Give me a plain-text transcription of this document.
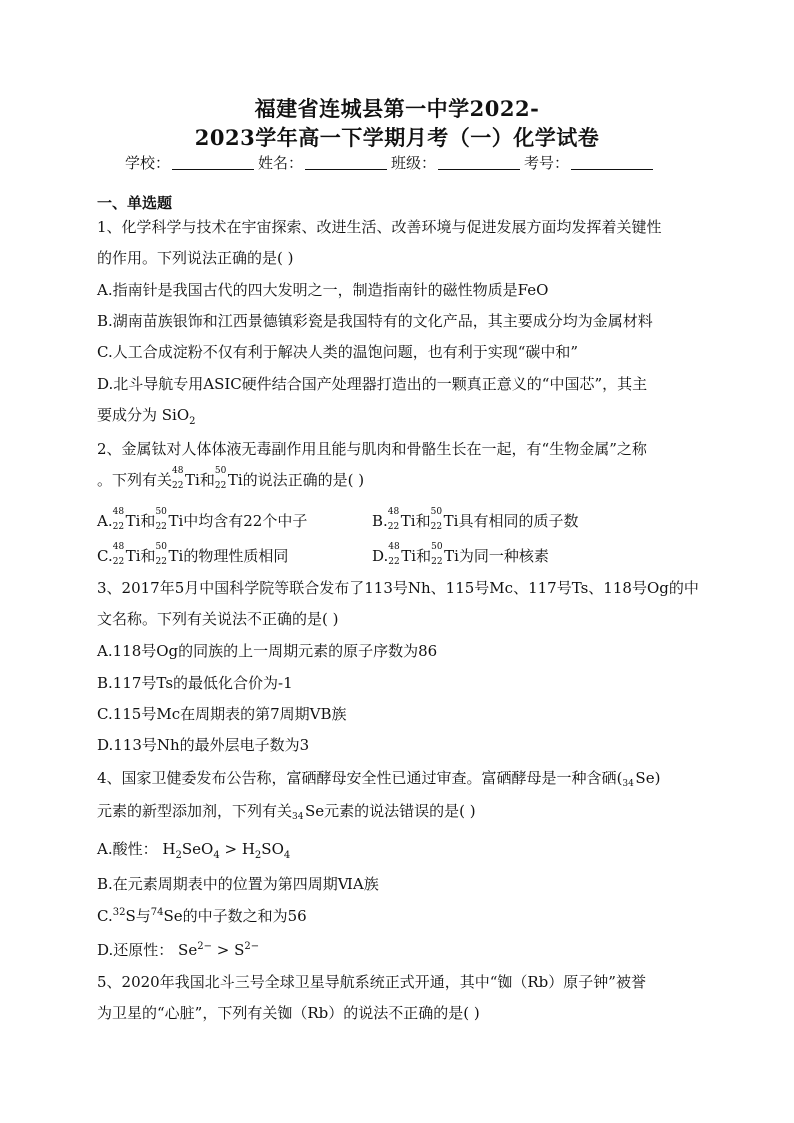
福建省连城县第一中学2022-
2023学年高一下学期月考（一）化学试卷
学校：	姓名：	班级：	考号：
一、单选题
1、化学科学与技术在宇宙探索、改进生活、改善环境与促进发展方面均发挥着关键性
的作用。下列说法正确的是( )
A.指南针是我国古代的四大发明之一，制造指南针的磁性物质是FeO
B.湖南苗族银饰和江西景德镇彩瓷是我国特有的文化产品，其主要成分均为金属材料
C.人工合成淀粉不仅有利于解决人类的温饱问题，也有利于实现“碳中和”
D.北斗导航专用ASIC硬件结合国产处理器打造出的一颗真正意义的“中国芯”，其主
要成分为 SiO$_2$
2、金属钛对人体体液无毒副作用且能与肌肉和骨骼生长在一起，有“生物金属”之称
。下列有关 48
22 Ti和 50
22 Ti的说法正确的是( )
A. 48
22 Ti和 50
22 Ti中均含有22个中子	B. 48
22 Ti和 50
22 Ti具有相同的质子数
C. 48
22 Ti和 50
22 Ti的物理性质相同	D. 48
22 Ti和 50
22 Ti为同一种核素
3、2017年5月中国科学院等联合发布了113号Nh、115号Mc、117号Ts、118号Og的中
文名称。下列有关说法不正确的是( )
A.118号Og的同族的上一周期元素的原子序数为86
B.117号Ts的最低化合价为-1
C.115号Mc在周期表的第7周期ⅤB族
D.113号Nh的最外层电子数为3
4、国家卫健委发布公告称，富硒酵母安全性已通过审查。富硒酵母是一种含硒( 34 Se)
元素的新型添加剂，下列有关 34 Se元素的说法错误的是( )
A.酸性： $H_2SeO_4 > H_2SO_4$
B.在元素周期表中的位置为第四周期ⅥA族
C.$^{32}$S与$^{74}$Se的中子数之和为56
D.还原性： $Se^{2-} > S^{2-}$
5、2020年我国北斗三号全球卫星导航系统正式开通，其中“铷（Rb）原子钟”被誉
为卫星的“心脏”，下列有关铷（Rb）的说法不正确的是( )
